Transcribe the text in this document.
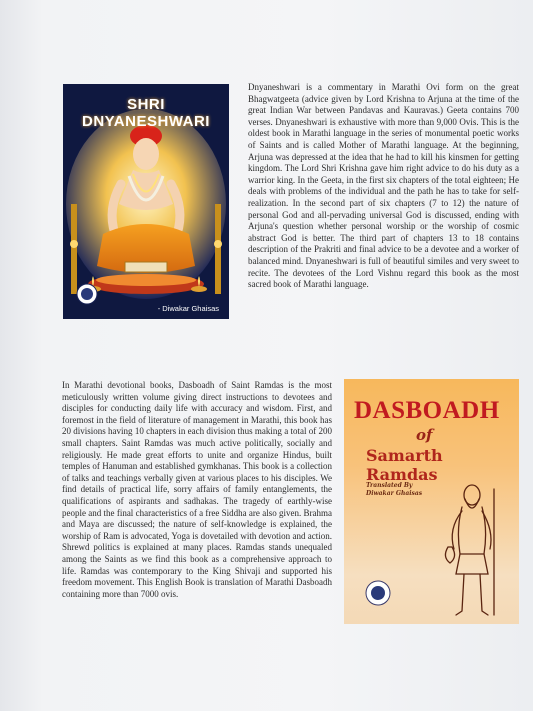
SHRI DNYANESHWARI
- Diwakar Ghaisas

Dnyaneshwari is a commentary in Marathi Ovi form on the great Bhagwatgeeta (advice given by Lord Krishna to Arjuna at the time of the great Indian War between Pandavas and Kauravas.) Geeta contains 700 verses. Dnyaneshwari is exhaustive with more than 9,000 Ovis. This is the oldest book in Marathi language in the series of monumental poetic works of Saints and is called Mother of Marathi language. At the beginning, Arjuna was depressed at the idea that he had to kill his kinsmen for getting kingdom. The Lord Shri Krishna gave him right advice to do his duty as a warrior king. In the Geeta, in the first six chapters of the total eighteen; He deals with problems of the individual and the path he has to take for self-realization. In the second part of six chapters (7 to 12) the nature of personal God and all-pervading universal God is discussed, ending with Arjuna's question whether personal worship or the worship of cosmic abstract God is better. The third part of chapters 13 to 18 contains description of the Prakriti and final advice to be a devotee and a worker of balanced mind. Dnyaneshwari is full of beautiful similes and very sweet to recite. The devotees of the Lord Vishnu regard this book as the most sacred book of Marathi language.

In Marathi devotional books, Dasboadh of Saint Ramdas is the most meticulously written volume giving direct instructions to devotees and disciples for conducting daily life with accuracy and wisdom. First, and foremost in the field of literature of management in Marathi, this book has 20 divisions having 10 chapters in each division thus making a total of 200 small chapters. Saint Ramdas was much active politically, socially and religiously. He made great efforts to unite and organize Hindus, built temples of Hanuman and established gymkhanas. This book is a collection of talks and teachings verbally given at various places to his disciples. We find details of practical life, sorry affairs of family entanglements, the qualifications of aspirants and sadhakas. The tragedy of earthly-wise people and the final characteristics of a free Siddha are also given. Brahma and Maya are discussed; the nature of self-knowledge is explained, the worship of Ram is advocated, Yoga is dovetailed with devotion and action. Shrewd politics is explained at many places. Ramdas stands unequaled among the Saints as we find this book as a comprehensive approach to life. Ramdas was contemporary to the King Shivaji and supported his freedom movement. This English Book is translation of Marathi Dasboadh containing more than 7000 ovis.

DASBOADH
of
Samarth Ramdas
Translated By
Diwakar Ghaisas
